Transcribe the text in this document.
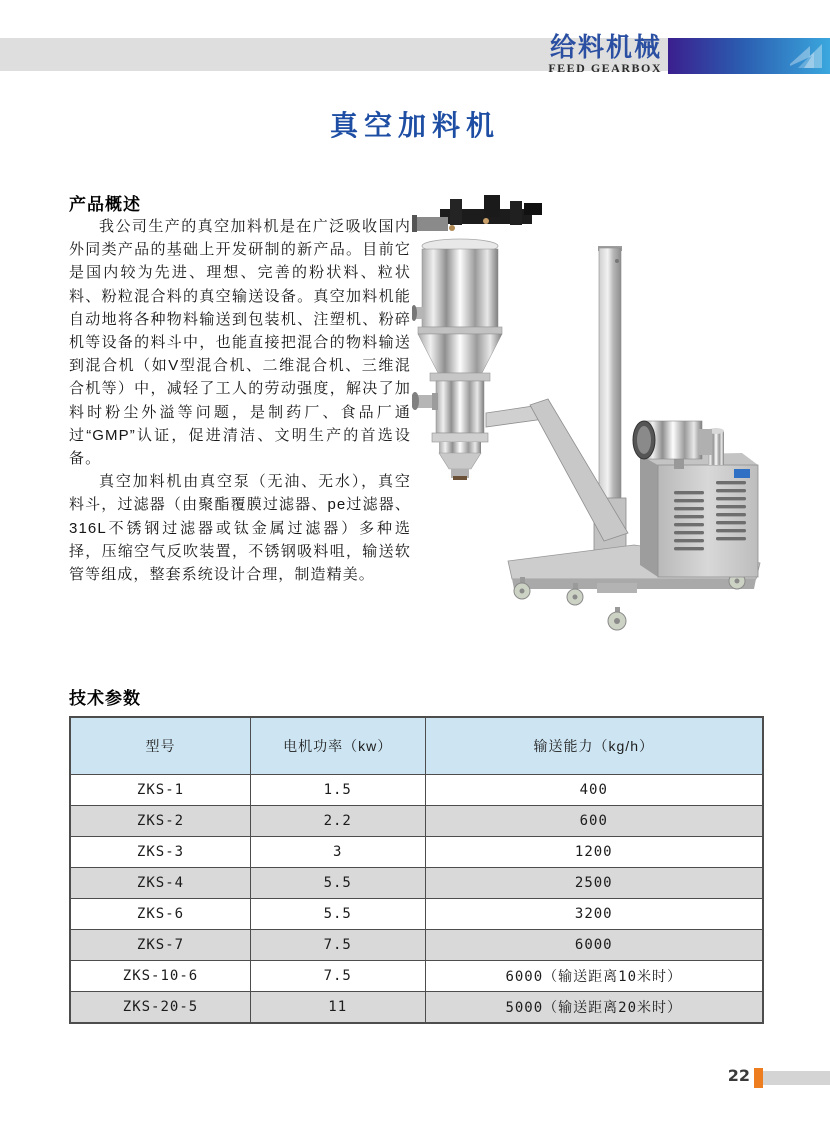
给料机械
FEED GEARBOX
真空加料机
产品概述

我公司生产的真空加料机是在广泛吸收国内外同类产品的基础上开发研制的新产品。目前它是国内较为先进、理想、完善的粉状料、粒状料、粉粒混合料的真空输送设备。真空加料机能自动地将各种物料输送到包装机、注塑机、粉碎机等设备的料斗中，也能直接把混合的物料输送到混合机（如V型混合机、二维混合机、三维混合机等）中，减轻了工人的劳动强度，解决了加料时粉尘外溢等问题，是制药厂、食品厂通过“GMP”认证，促进清洁、文明生产的首选设备。

真空加料机由真空泵（无油、无水），真空料斗，过滤器（由聚酯覆膜过滤器、pe过滤器、316L不锈钢过滤器或钛金属过滤器）多种选择，压缩空气反吹装置，不锈钢吸料咀，输送软管等组成，整套系统设计合理，制造精美。

技术参数
型号	电机功率（kw）	输送能力（kg/h）
ZKS-1	1.5	400
ZKS-2	2.2	600
ZKS-3	3	1200
ZKS-4	5.5	2500
ZKS-6	5.5	3200
ZKS-7	7.5	6000
ZKS-10-6	7.5	6000（输送距离10米时）
ZKS-20-5	11	5000（输送距离20米时）
22
